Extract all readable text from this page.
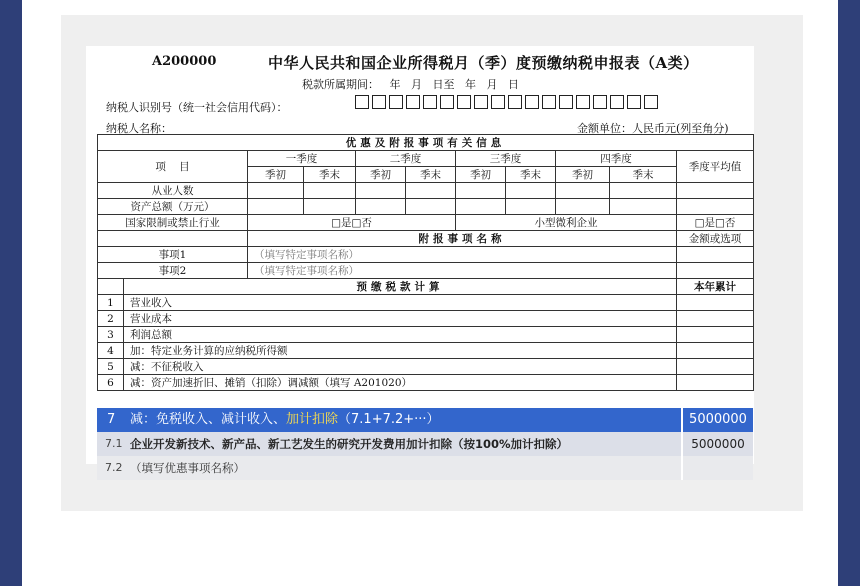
A200000	中华人民共和国企业所得税月（季）度预缴纳税申报表（A类）
税款所属期间：   年   月   日至   年   月   日
纳税人识别号（统一社会信用代码）：
纳税人名称：	金额单位：人民币元(列至角分)
优惠及附报事项有关信息										
项    目		一季度		二季度		三季度		四季度		季度平均值
		季初	季末	季初	季末	季初	季末	季初	季末	
从业人数										
资产总额（万元）										
国家限制或禁止行业		□是□否				小型微利企业				□是□否
		附报事项名称								金额或选项
事项1		（填写特定事项名称）								
事项2		（填写特定事项名称）								
	预缴税款计算									本年累计
1	营业收入									
2	营业成本									
3	利润总额									
4	加：特定业务计算的应纳税所得额									
5	减：不征税收入									
6	减：资产加速折旧、摊销（扣除）调减额（填写 A201020）									
7	减：免税收入、减计收入、加计扣除（7.1+7.2+···）	5000000
7.1 企业开发新技术、新产品、新工艺发生的研究开发费用加计扣除（按100%加计扣除）	5000000
7.2 （填写优惠事项名称）
